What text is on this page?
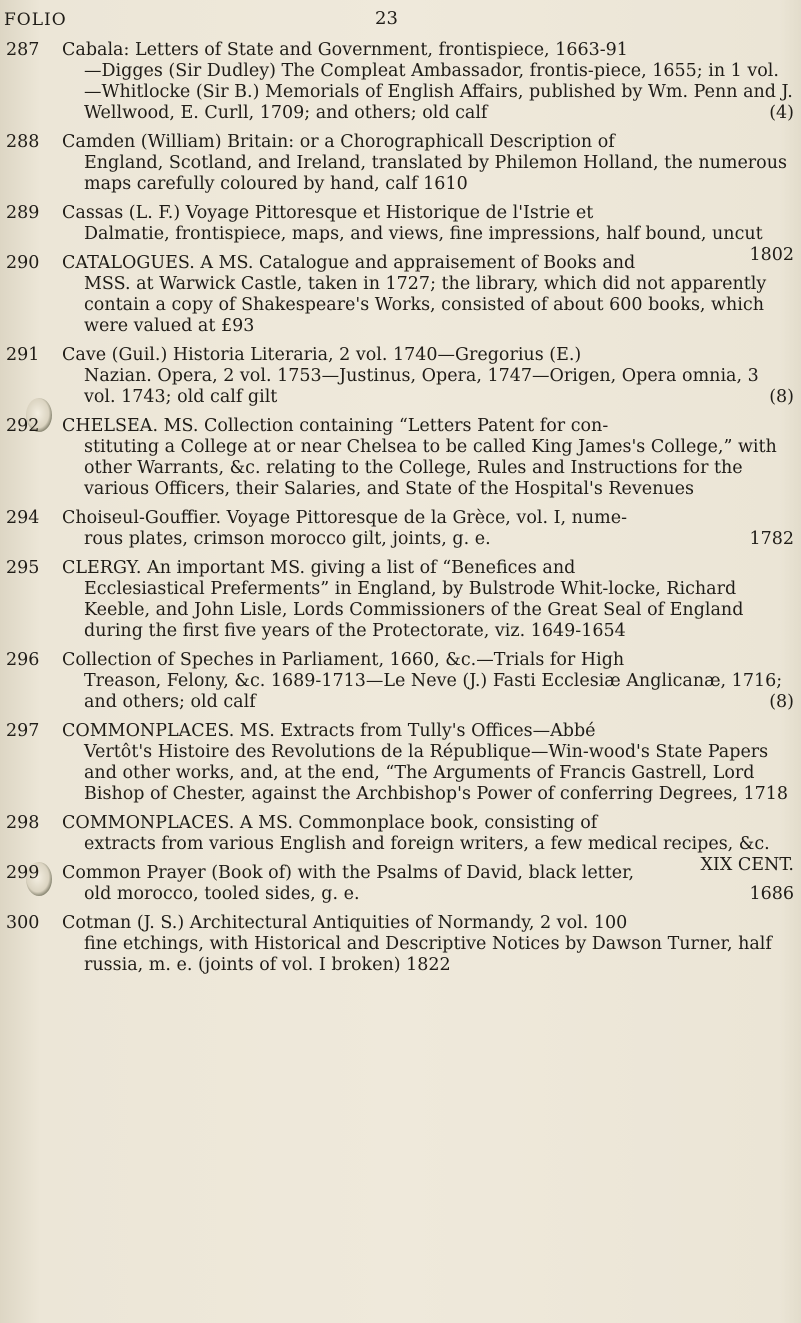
FOLIO	23
287 Cabala: Letters of State and Government, frontispiece, 1663-91
—Digges (Sir Dudley) The Compleat Ambassador, frontis-piece, 1655; in 1 vol.—Whitlocke (Sir B.) Memorials of English Affairs, published by Wm. Penn and J. Wellwood, E. Curll, 1709; and others; old calf	(4)
288 Camden (William) Britain: or a Chorographicall Description of
England, Scotland, and Ireland, translated by Philemon Holland, the numerous maps carefully coloured by hand, calf 1610
289 Cassas (L. F.) Voyage Pittoresque et Historique de l'Istrie et
Dalmatie, frontispiece, maps, and views, fine impressions, half bound, uncut
1802
290 CATALOGUES. A MS. Catalogue and appraisement of Books and
MSS. at Warwick Castle, taken in 1727; the library, which did not apparently contain a copy of Shakespeare's Works, consisted of about 600 books, which were valued at £93
291 Cave (Guil.) Historia Literaria, 2 vol. 1740—Gregorius (E.)
Nazian. Opera, 2 vol. 1753—Justinus, Opera, 1747—Origen, Opera omnia, 3 vol. 1743; old calf gilt	(8)
292 CHELSEA. MS. Collection containing “Letters Patent for con-
stituting a College at or near Chelsea to be called King James's College,” with other Warrants, &c. relating to the College, Rules and Instructions for the various Officers, their Salaries, and State of the Hospital's Revenues
294 Choiseul-Gouffier. Voyage Pittoresque de la Grèce, vol. I, nume-
rous plates, crimson morocco gilt, joints, g. e.	1782
295 CLERGY. An important MS. giving a list of “Benefices and
Ecclesiastical Preferments” in England, by Bulstrode Whit-locke, Richard Keeble, and John Lisle, Lords Commissioners of the Great Seal of England during the first five years of the Protectorate, viz. 1649-1654
296 Collection of Speches in Parliament, 1660, &c.—Trials for High
Treason, Felony, &c. 1689-1713—Le Neve (J.) Fasti Ecclesiæ Anglicanæ, 1716; and others; old calf	(8)
297 COMMONPLACES. MS. Extracts from Tully's Offices—Abbé
Vertôt's Histoire des Revolutions de la République—Win-wood's State Papers and other works, and, at the end, “The Arguments of Francis Gastrell, Lord Bishop of Chester, against the Archbishop's Power of conferring Degrees, 1718
298 COMMONPLACES. A MS. Commonplace book, consisting of
extracts from various English and foreign writers, a few medical recipes, &c.
XIX CENT.
299 Common Prayer (Book of) with the Psalms of David, black letter,
old morocco, tooled sides, g. e.	1686
300 Cotman (J. S.) Architectural Antiquities of Normandy, 2 vol. 100
fine etchings, with Historical and Descriptive Notices by Dawson Turner, half russia, m. e. (joints of vol. I broken) 1822
